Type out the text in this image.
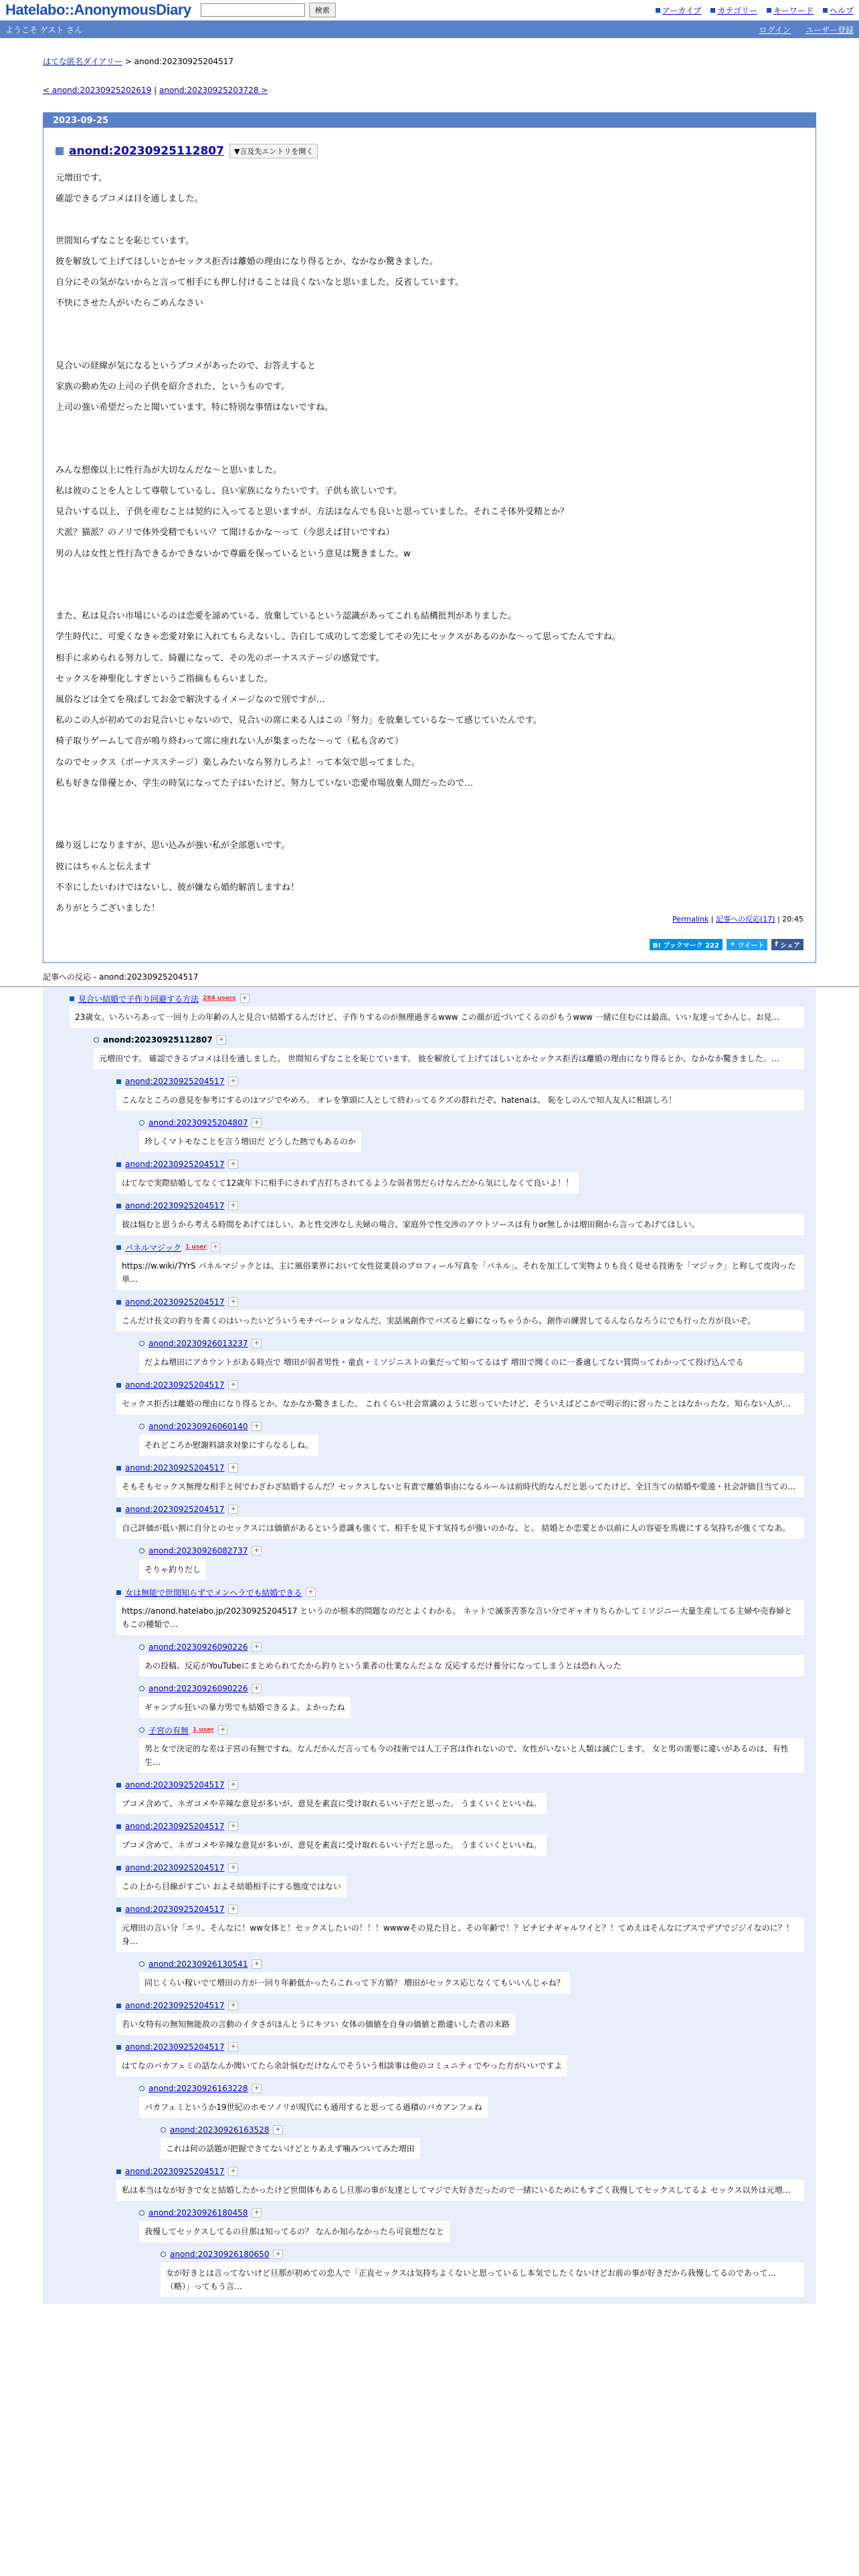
Hatelabo::AnonymousDiary	検索	アーカイブ カテゴリー キーワード ヘルプ
ようこそ ゲスト さん	ログイン ユーザー登録
はてな匿名ダイアリー > anond:20230925204517
< anond:20230925202619 | anond:20230925203728 >
2023-09-25
anond:20230925112807	▼言及先エントリを開く

元増田です。

確認できるブコメは目を通しました。

世間知らずなことを恥じています。

彼を解放して上げてほしいとかセックス拒否は離婚の理由になり得るとか、なかなか驚きました。

自分にその気がないからと言って相手にも押し付けることは良くないなと思いました。反省しています。

不快にさせた人がいたらごめんなさい

見合いの経緯が気になるというブコメがあったので、お答えすると

家族の勤め先の上司の子供を紹介された、というものです。

上司の強い希望だったと聞いています。特に特別な事情はないですね。

みんな想像以上に性行為が大切なんだな〜と思いました。

私は彼のことを人として尊敬しているし、良い家族になりたいです。子供も欲しいです。

見合いする以上、子供を産むことは契約に入ってると思いますが、方法はなんでも良いと思っていました。それこそ体外受精とか？

犬派？猫派？のノリで体外受精でもいい？て聞けるかな〜って（今思えば甘いですね）

男の人は女性と性行為できるかできないかで尊厳を保っているという意見は驚きました。w

また、私は見合い市場にいるのは恋愛を諦めている、放棄しているという認識があってこれも結構批判がありました。

学生時代に、可愛くなきゃ恋愛対象に入れてもらえないし、告白して成功して恋愛してその先にセックスがあるのかな〜って思ってたんですね。

相手に求められる努力して、綺麗になって、その先のボーナスステージの感覚です。

セックスを神聖化しすぎというご指摘ももらいました。

風俗などは全てを飛ばしてお金で解決するイメージなので別ですが…

私のこの人が初めてのお見合いじゃないので、見合いの席に来る人はこの「努力」を放棄しているな〜て感じていたんです。

椅子取りゲームして音が鳴り終わって席に座れない人が集まったな〜って（私も含めて）

なのでセックス（ボーナスステージ）楽しみたいなら努力しろよ！って本気で思ってました。

私も好きな俳優とか、学生の時気になってた子はいたけど、努力していない恋愛市場放棄人間だったので…

繰り返しになりますが、思い込みが強い私が全部悪いです。

彼にはちゃんと伝えます

不幸にしたいわけではないし、彼が嫌なら婚約解消しますね！

ありがとうございました！

Permalink | 記事への反応(17) | 20:45
B! ブックマーク 222	✦ ツイート f シェア
記事への反応 - anond:20230925204517
見合い結婚で子作り回避する方法 284 users +
23歳女。いろいろあって一回り上の年齢の人と見合い結婚するんだけど、子作りするのが無理過ぎるwww この顔が近づいてくるのがもうwww 一緒に住むには最高、いい友達ってかんじ。お見…
anond:20230925112807 +
元増田です。 確認できるブコメは目を通しました。 世間知らずなことを恥じています。 彼を解放して上げてほしいとかセックス拒否は離婚の理由になり得るとか、なかなか驚きました。…
anond:20230925204517 +
こんなところの意見を参考にするのはマジでやめろ。 オレを筆頭に人として終わってるクズの群れだぞ、hatenaは。 恥をしのんで知人友人に相談しろ！
anond:20230925204807 +
珍しくマトモなことを言う増田だ どうした熱でもあるのか
anond:20230925204517 +
はてなで実際結婚してなくて12歳年下に相手にされず吉打ちされてるような弱者男だらけなんだから気にしなくて良いよ！！
anond:20230925204517 +
彼は悩むと思うから考える時間をあげてほしい。あと性交渉なし夫婦の場合、家庭外で性交渉のアウトソースは有りor無しかは増田側から言ってあげてほしい。
パネルマジック 1 user +
https://w.wiki/7YrS パネルマジックとは、主に風俗業界において女性従業員のプロフィール写真を「パネル」、それを加工して実物よりも良く見せる技術を「マジック」と称して皮肉った単…
anond:20230925204517 +
こんだけ長文の釣りを書くのはいったいどういうモチベーションなんだ。実話風創作でバズると癖になっちゃうから、創作の練習してるんならなろうにでも行った方が良いぞ。
anond:20230926013237 +
だよね増田にアカウントがある時点で 増田が弱者男性・童貞・ミソジニストの巣だって知ってるはず 増田で聞くのに一番適してない質問ってわかってて投げ込んでる
anond:20230925204517 +
セックス拒否は離婚の理由になり得るとか、なかなか驚きました。 これくらい社会常識のように思っていたけど、そういえばどこかで明示的に習ったことはなかったな。知らない人が…
anond:20230926060140 +
それどころか慰謝料請求対象にすらなるしね。
anond:20230925204517 +
そもそもセックス無理な相手と何でわざわざ結婚するんだ？セックスしないと有責で離婚事由になるルールは前時代的なんだと思ってたけど、全目当ての結婚や愛遠・社会評価目当ての…
anond:20230925204517 +
自己評価が低い割に自分とのセックスには価値があるという意識も強くて、相手を見下す気持ちが強いのかな、と。 結婚とか恋愛とか以前に人の容姿を馬鹿にする気持ちが強くてなあ。
anond:20230926082737 +
そりゃ釣りだし
女は無能で世間知らずでメンヘラでも結婚できる +
https://anond.hatelabo.jp/20230925204517 というのが根本的問題なのだとよくわかる。 ネットで滅茶苦茶な言い分でギャオりちらかしてミソジニー大量生産してる主婦や売春婦ともこの種類で…
anond:20230926090226 +
あの投稿、反応がYouTubeにまとめられてたから釣りという業者の仕業なんだよな 反応するだけ養分になってしまうとは恐れ入った
anond:20230926090226 +
ギャンブル狂いの暴力男でも結婚できるよ。よかったね
子宮の有無 1 user +
男と女で決定的な差は子宮の有無ですね。なんだかんだ言っても今の技術では人工子宮は作れないので、女性がいないと人類は滅亡します。 女と男の需要に違いがあるのは、有性生…
anond:20230925204517 +
ブコメ含めて、ネガコメや辛辣な意見が多いが、意見を素直に受け取れるいい子だと思った。 うまくいくといいね。
anond:20230925204517 +
ブコメ含めて、ネガコメや辛辣な意見が多いが、意見を素直に受け取れるいい子だと思った。 うまくいくといいね。
anond:20230925204517 +
この上から目線がすごい およそ結婚相手にする態度ではない
anond:20230925204517 +
元増田の言い分「エリ、そんなに！ww女体と！セックスしたいの！！！wwwwその見た目と、その年齢で！？ピチピチギャルワイと？！てめえはそんなにブスでデブでジジイなのに？！身…
anond:20230926130541 +
同じくらい稼いでて増田の方が一回り年齢低かったらこれって下方婚？ 増田がセックス応じなくてもいいんじゃね？
anond:20230925204517 +
若い女特有の無知無能故の言動のイタさがほんとうにキツい 女体の価値を自身の価値と勘違いした者の末路
anond:20230925204517 +
はてなのバカフェミの話なんか聞いてたら余計悩むだけなんでそういう相談事は他のコミュニティでやった方がいいですよ
anond:20230926163228 +
バカフェミというか19世紀のホモソノリが現代にも通用すると思ってる過積のバカアンフェね
anond:20230926163528 +
これは何の話題が把握できてないけどとりあえず噛みついてみた増田
anond:20230925204517 +
私は本当はなが好きで女と結婚したかったけど世間体もあるし旦那の事が友達としてマジで大好きだったので一緒にいるためにもすごく我慢してセックスしてるよ セックス以外は元増…
anond:20230926180458 +
我慢してセックスしてるの旦那は知ってるの？ なんか知らなかったら可哀想だなと
anond:20230926180650 +
女が好きとは言ってないけど旦那が初めての恋人で「正直セックスは気持ちよくないと思っているし本気でしたくないけどお前の事が好きだから我慢してるのであって…（略）」ってもう言…
